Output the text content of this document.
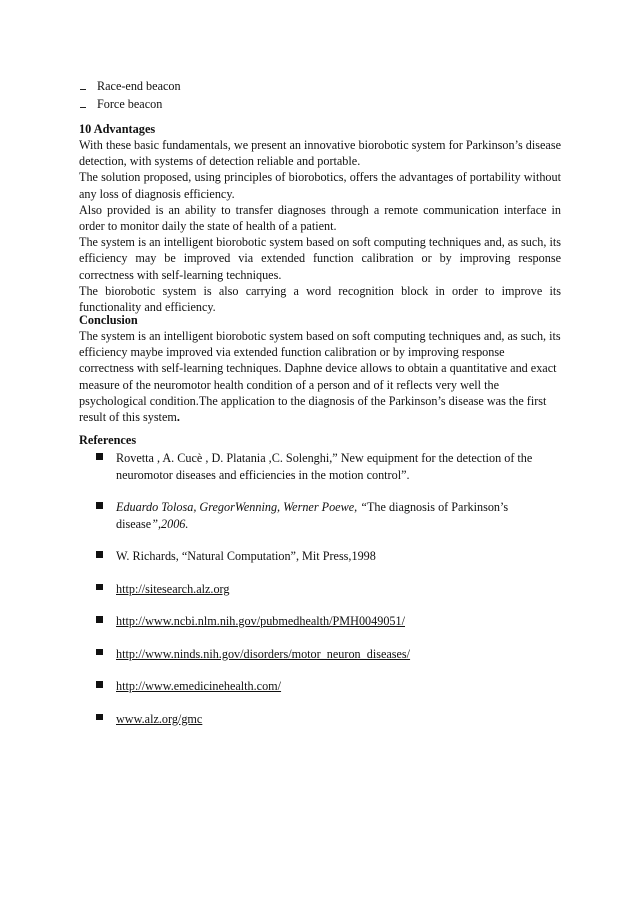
Race-end beacon
Force beacon
10 Advantages

With these basic fundamentals, we present an innovative biorobotic system for Parkinson’s disease detection, with systems of detection reliable and portable.

The solution proposed, using principles of biorobotics, offers the advantages of portability without any loss of diagnosis efficiency.

Also provided is an ability to transfer diagnoses through a remote communication interface in order to monitor daily the state of health of a patient.

The system is an intelligent biorobotic system based on soft computing techniques and, as such, its efficiency may be improved via extended function calibration or by improving response correctness with self-learning techniques.

The biorobotic system is also carrying a word recognition block in order to improve its functionality and efficiency.

Conclusion

The system is an intelligent biorobotic system based on soft computing techniques and, as such, its efficiency maybe improved via extended function calibration or by improving response correctness with self-learning techniques. Daphne device allows to obtain a quantitative and exact measure of the neuromotor health condition of a person and of it reflects very well the psychological condition.The application to the diagnosis of the Parkinson’s disease was the first result of this system.

References
Rovetta , A. Cucè , D. Platania ,C. Solenghi,” New equipment for the detection of the neuromotor diseases and efficiencies in the motion control”.
Eduardo Tolosa, GregorWenning, Werner Poewe, “The diagnosis of Parkinson’s disease”,2006.
W. Richards, “Natural Computation”, Mit Press,1998
http://sitesearch.alz.org
http://www.ncbi.nlm.nih.gov/pubmedhealth/PMH0049051/
http://www.ninds.nih.gov/disorders/motor_neuron_diseases/
http://www.emedicinehealth.com/
www.alz.org/gmc
